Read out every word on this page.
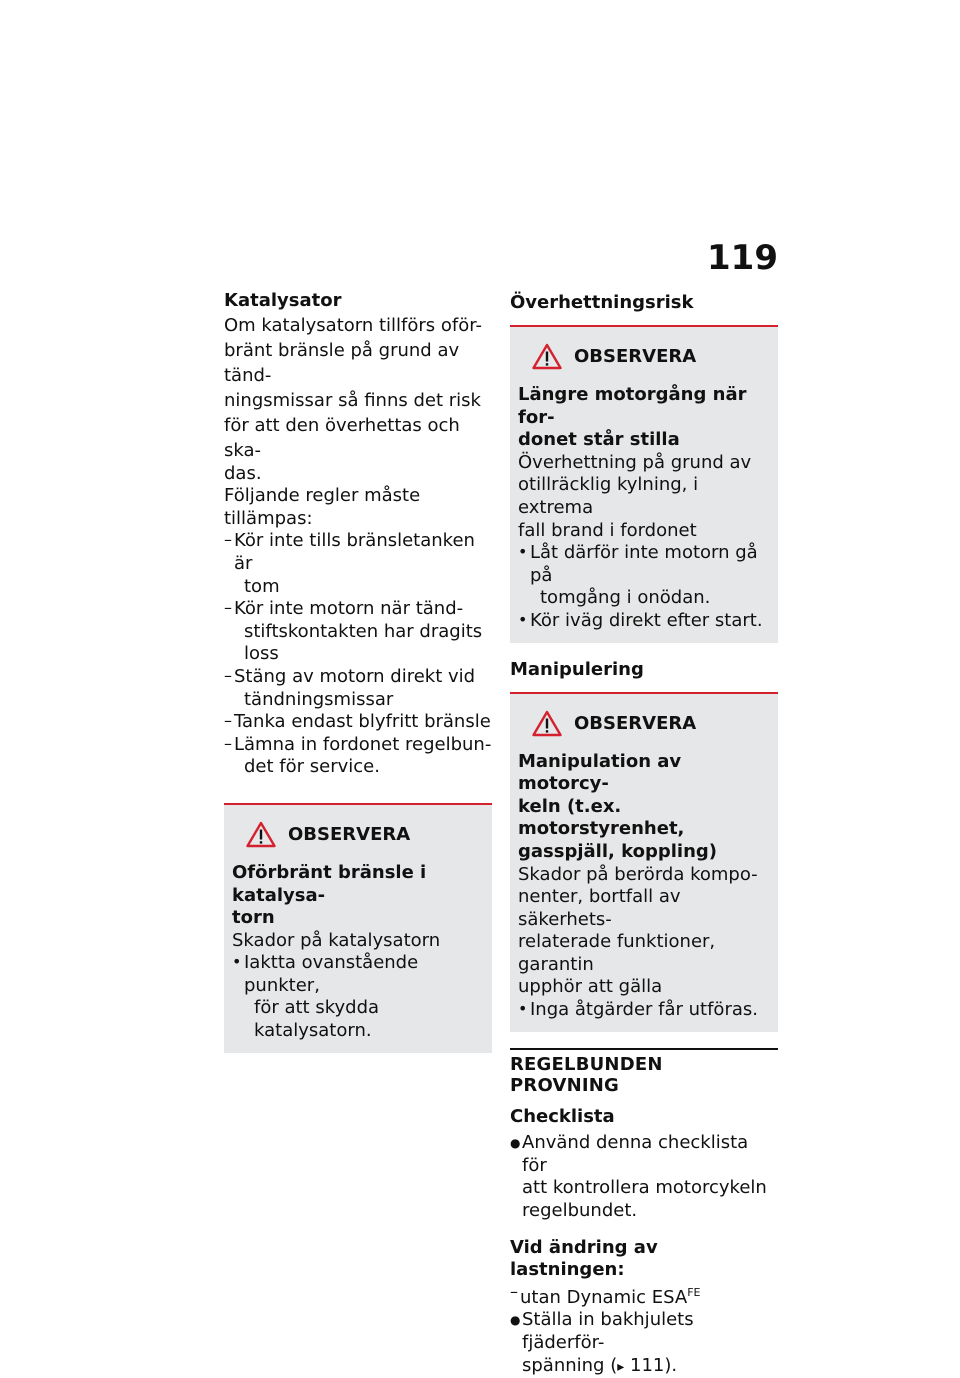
119

Katalysator

Om katalysatorn tillförs oför-

bränt bränsle på grund av tänd-

ningsmissar så finns det risk

för att den överhettas och ska-

das.

Följande regler måste tillämpas:

– Kör inte tills bränsletanken är

tom

– Kör inte motorn när tänd-

stiftskontakten har dragits

loss

– Stäng av motorn direkt vid

tändningsmissar

– Tanka endast blyfritt bränsle

– Lämna in fordonet regelbun-

det för service.

OBSERVERA

Oförbränt bränsle i katalysa-

torn

Skador på katalysatorn

• Iaktta ovanstående punkter,

för att skydda katalysatorn.

Överhettningsrisk

OBSERVERA

Längre motorgång när for-

donet står stilla

Överhettning på grund av

otillräcklig kylning, i extrema

fall brand i fordonet

• Låt därför inte motorn gå på

tomgång i onödan.

• Kör iväg direkt efter start.

Manipulering

OBSERVERA

Manipulation av motorcy-

keln (t.ex. motorstyrenhet,

gasspjäll, koppling)

Skador på berörda kompo-

nenter, bortfall av säkerhets-

relaterade funktioner, garantin

upphör att gälla

• Inga åtgärder får utföras.

REGELBUNDEN PROVNING

Checklista

● Använd denna checklista för

att kontrollera motorcykeln

regelbundet.

Vid ändring av lastningen:

– utan Dynamic $ESA^{FE}$

● Ställa in bakhjulets fjäderför-

spänning (▸ 111).
